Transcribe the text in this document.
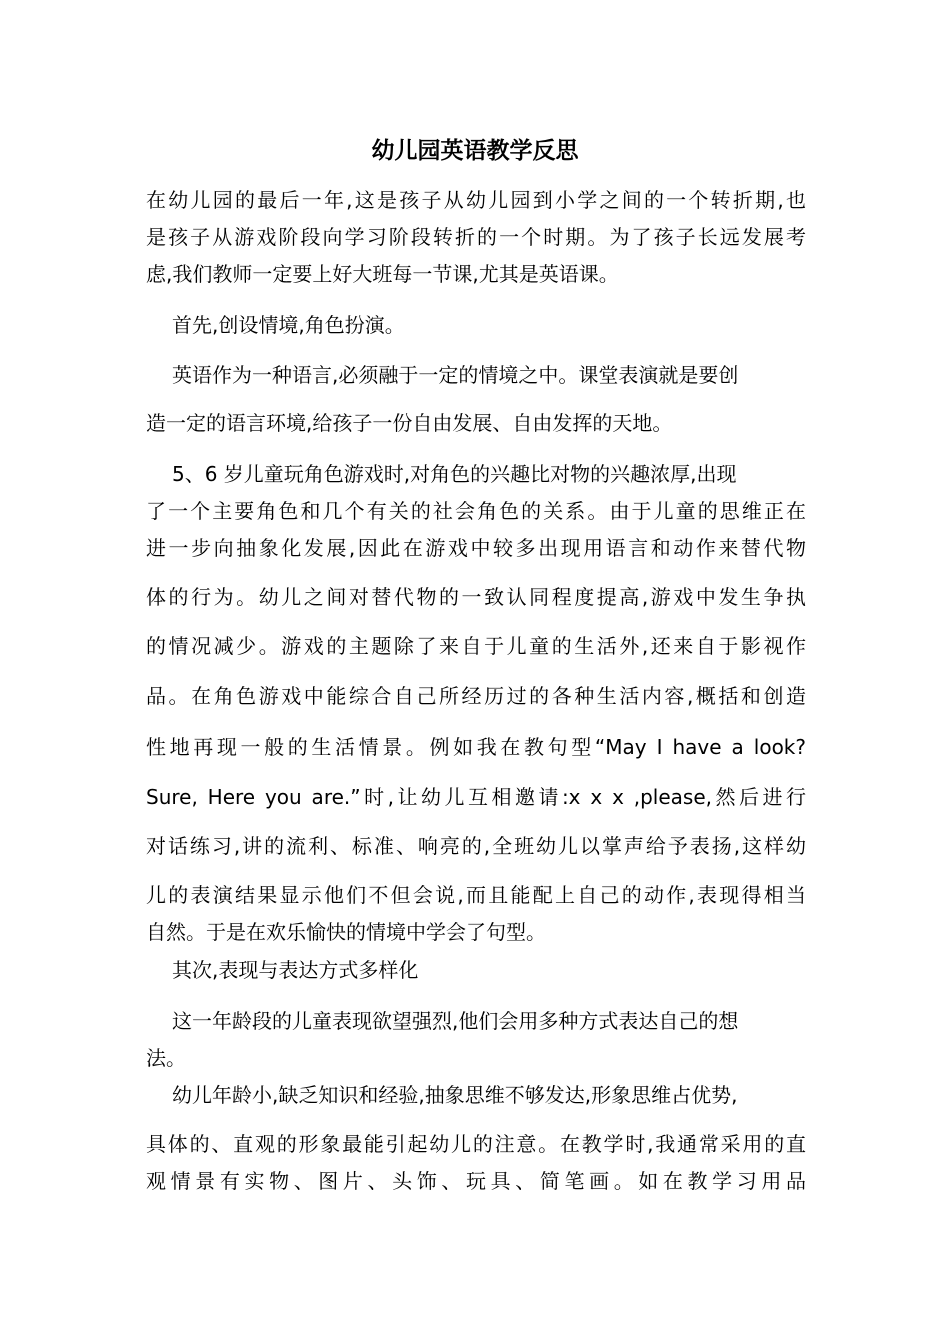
幼儿园英语教学反思
在幼儿园的最后一年,这是孩子从幼儿园到小学之间的一个转折期,也
是孩子从游戏阶段向学习阶段转折的一个时期。为了孩子长远发展考
虑,我们教师一定要上好大班每一节课,尤其是英语课。
首先,创设情境,角色扮演。
英语作为一种语言,必须融于一定的情境之中。课堂表演就是要创
造一定的语言环境,给孩子一份自由发展、自由发挥的天地。
5、6 岁儿童玩角色游戏时,对角色的兴趣比对物的兴趣浓厚,出现
了一个主要角色和几个有关的社会角色的关系。由于儿童的思维正在
进一步向抽象化发展,因此在游戏中较多出现用语言和动作来替代物
体的行为。幼儿之间对替代物的一致认同程度提高,游戏中发生争执
的情况减少。游戏的主题除了来自于儿童的生活外,还来自于影视作
品。在角色游戏中能综合自己所经历过的各种生活内容,概括和创造
性地再现一般的生活情景。例如我在教句型“May I have a look?
Sure, Here you are.”时,让幼儿互相邀请:x x x ,please,然后进行
对话练习,讲的流利、标准、响亮的,全班幼儿以掌声给予表扬,这样幼
儿的表演结果显示他们不但会说,而且能配上自己的动作,表现得相当
自然。于是在欢乐愉快的情境中学会了句型。
其次,表现与表达方式多样化
这一年龄段的儿童表现欲望强烈,他们会用多种方式表达自己的想
法。
幼儿年龄小,缺乏知识和经验,抽象思维不够发达,形象思维占优势,
具体的、直观的形象最能引起幼儿的注意。在教学时,我通常采用的直
观情景有实物、图片、头饰、玩具、简笔画。如在教学习用品
